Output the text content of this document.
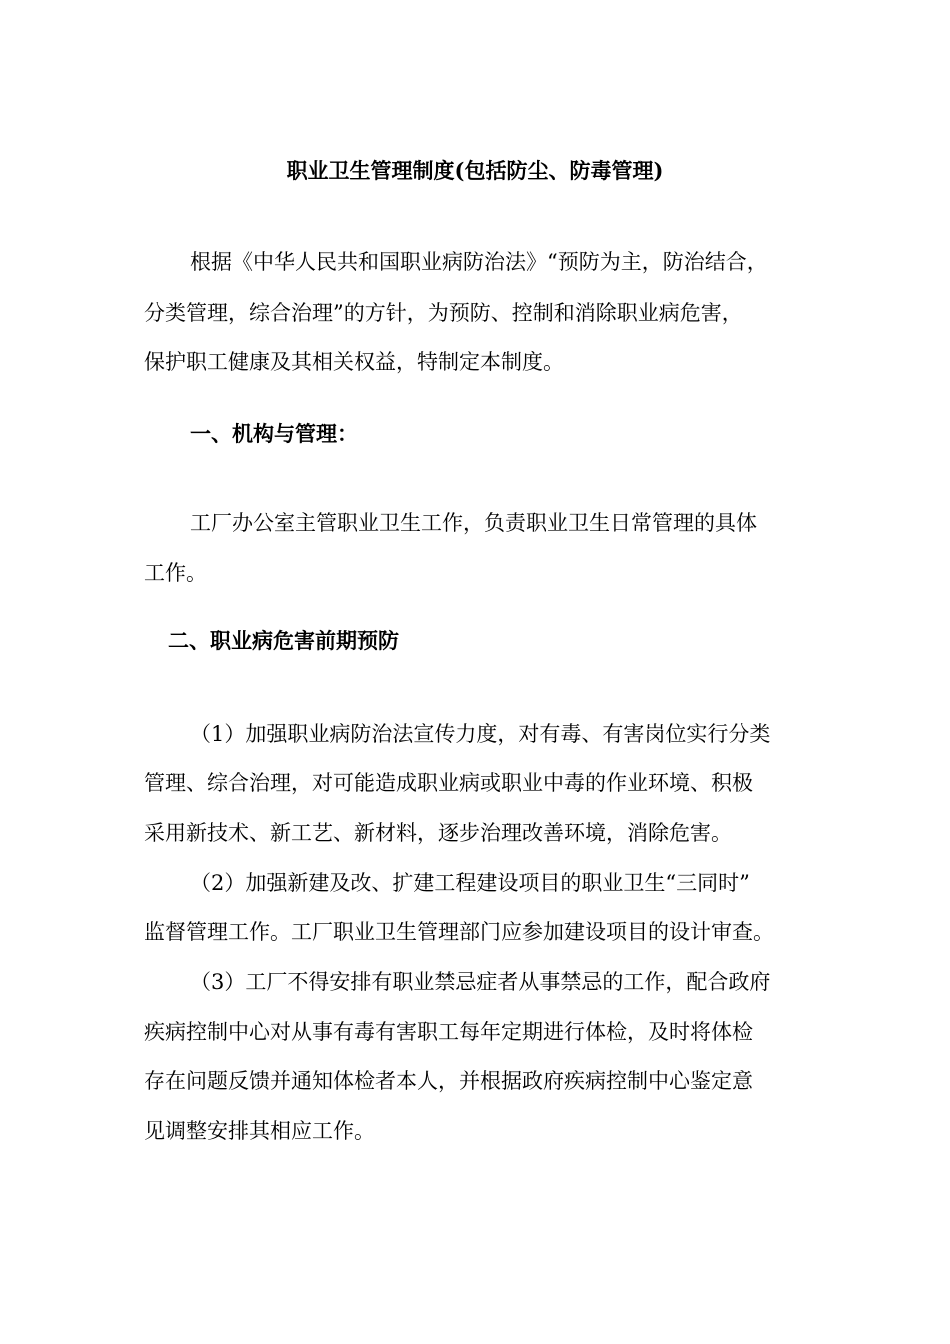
职业卫生管理制度(包括防尘、防毒管理)
根据《中华人民共和国职业病防治法》“预防为主，防治结合，
分类管理，综合治理”的方针，为预防、控制和消除职业病危害，
保护职工健康及其相关权益，特制定本制度。
一、机构与管理：
工厂办公室主管职业卫生工作，负责职业卫生日常管理的具体
工作。
二、职业病危害前期预防
（1）加强职业病防治法宣传力度，对有毒、有害岗位实行分类
管理、综合治理，对可能造成职业病或职业中毒的作业环境、积极
采用新技术、新工艺、新材料，逐步治理改善环境，消除危害。
（2）加强新建及改、扩建工程建设项目的职业卫生“三同时”
监督管理工作。工厂职业卫生管理部门应参加建设项目的设计审查。
（3）工厂不得安排有职业禁忌症者从事禁忌的工作，配合政府
疾病控制中心对从事有毒有害职工每年定期进行体检，及时将体检
存在问题反馈并通知体检者本人，并根据政府疾病控制中心鉴定意
见调整安排其相应工作。
